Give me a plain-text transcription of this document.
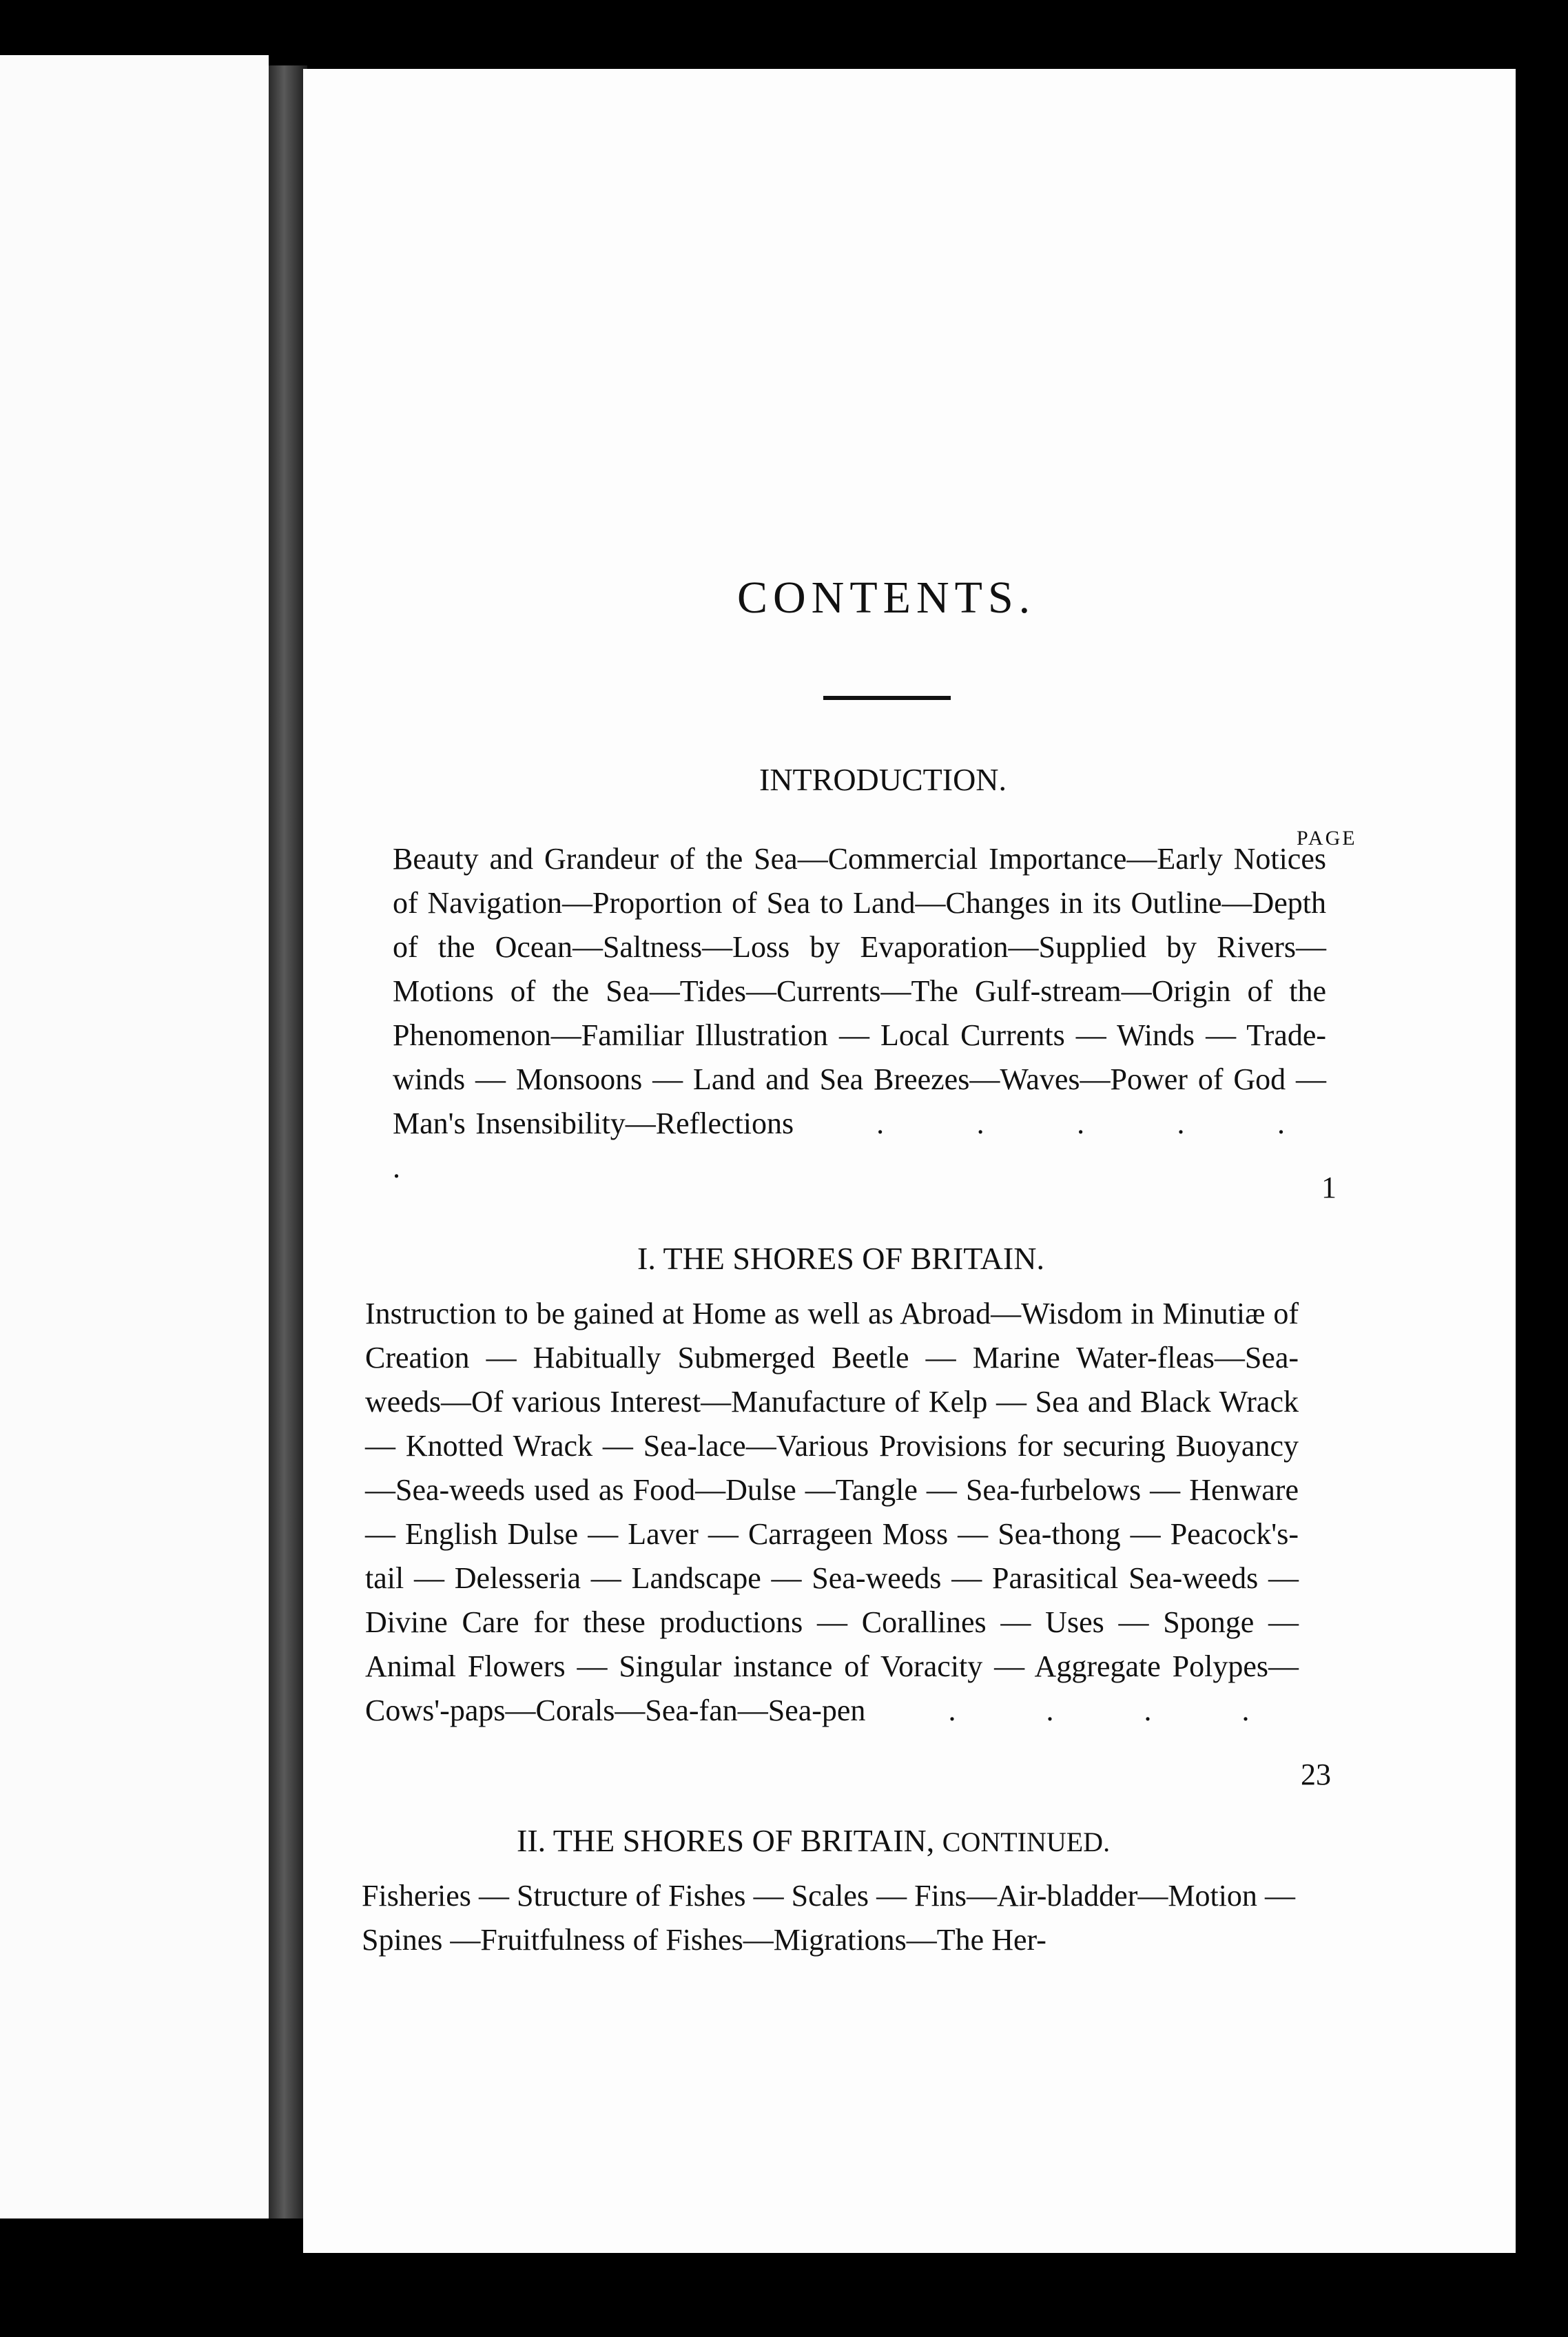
CONTENTS.
INTRODUCTION.
PAGE
Beauty and Grandeur of the Sea—Commercial Importance—Early Notices of Navigation—Proportion of Sea to Land—Changes in its Outline—Depth of the Ocean—Saltness—Loss by Evaporation—Supplied by Rivers—Motions of the Sea—Tides—Currents—The Gulf-stream—Origin of the Phenomenon—Familiar Illustration — Local Currents — Winds — Trade-winds — Monsoons — Land and Sea Breezes—Waves—Power of God — Man's Insensibility—Reflections	. . . . . .
1
I. THE SHORES OF BRITAIN.
Instruction to be gained at Home as well as Abroad—Wisdom in Minutiæ of Creation — Habitually Submerged Beetle — Marine Water-fleas—Sea-weeds—Of various Interest—Manufacture of Kelp — Sea and Black Wrack — Knotted Wrack — Sea-lace—Various Provisions for securing Buoyancy—Sea-weeds used as Food—Dulse —Tangle — Sea-furbelows — Henware — English Dulse — Laver — Carrageen Moss — Sea-thong — Peacock's-tail — Delesseria — Landscape — Sea-weeds — Parasitical Sea-weeds — Divine Care for these productions — Corallines — Uses — Sponge — Animal Flowers — Singular instance of Voracity — Aggregate Polypes—Cows'-paps—Corals—Sea-fan—Sea-pen	. . . .
23
II. THE SHORES OF BRITAIN, CONTINUED.
Fisheries — Structure of Fishes — Scales — Fins—Air-bladder—Motion — Spines —Fruitfulness of Fishes—Migrations—The Her-
